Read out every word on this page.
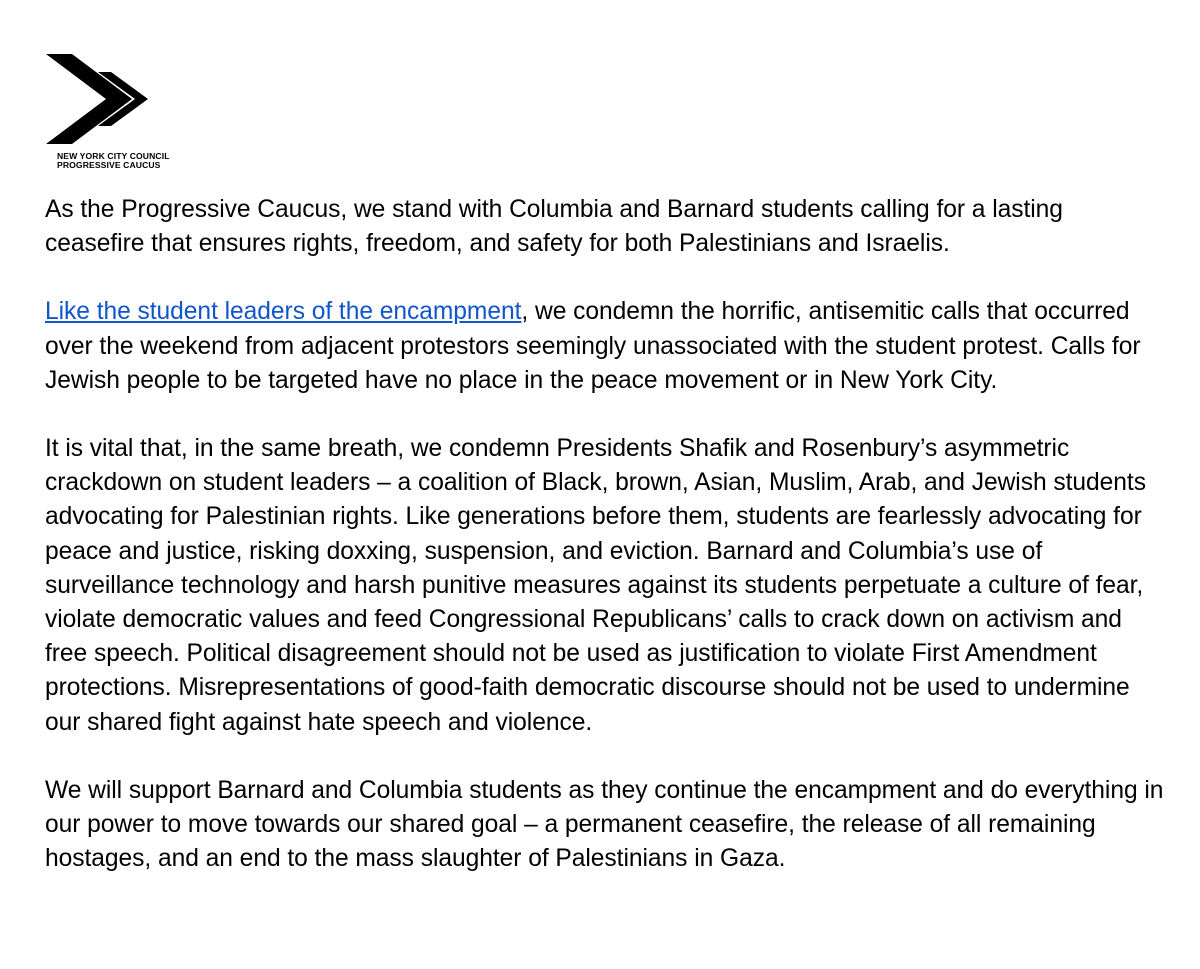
NEW YORK CITY COUNCIL
PROGRESSIVE CAUCUS

As the Progressive Caucus, we stand with Columbia and Barnard students calling for a lasting ceasefire that ensures rights, freedom, and safety for both Palestinians and Israelis.

Like the student leaders of the encampment, we condemn the horrific, antisemitic calls that occurred over the weekend from adjacent protestors seemingly unassociated with the student protest. Calls for Jewish people to be targeted have no place in the peace movement or in New York City.

It is vital that, in the same breath, we condemn Presidents Shafik and Rosenbury’s asymmetric crackdown on student leaders – a coalition of Black, brown, Asian, Muslim, Arab, and Jewish students advocating for Palestinian rights. Like generations before them, students are fearlessly advocating for peace and justice, risking doxxing, suspension, and eviction. Barnard and Columbia’s use of surveillance technology and harsh punitive measures against its students perpetuate a culture of fear, violate democratic values and feed Congressional Republicans’ calls to crack down on activism and free speech. Political disagreement should not be used as justification to violate First Amendment protections. Misrepresentations of good-faith democratic discourse should not be used to undermine our shared fight against hate speech and violence.

We will support Barnard and Columbia students as they continue the encampment and do everything in our power to move towards our shared goal – a permanent ceasefire, the release of all remaining hostages, and an end to the mass slaughter of Palestinians in Gaza.
